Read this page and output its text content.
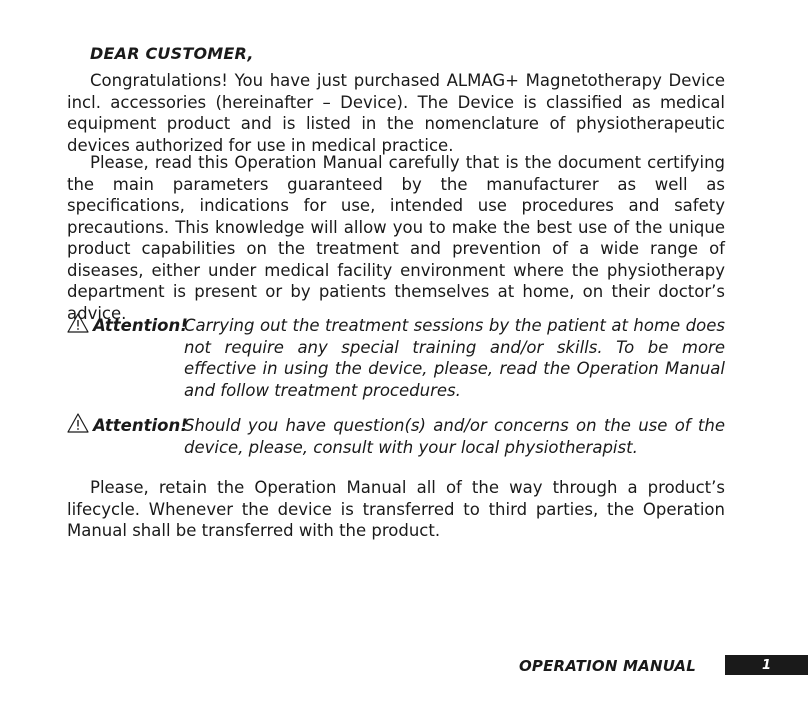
DEAR CUSTOMER,

Congratulations! You have just purchased ALMAG+ Magnetotherapy Device incl. accessories (hereinafter – Device). The Device is classified as medical equipment product and is listed in the nomenclature of physiotherapeutic devices authorized for use in medical practice.

Please, read this Operation Manual carefully that is the document certifying the main parameters guaranteed by the manufacturer as well as specifications, indications for use, intended use procedures and safety precautions. This knowledge will allow you to make the best use of the unique product capabilities on the treatment and prevention of a wide range of diseases, either under medical facility environment where the physiotherapy department is present or by patients themselves at home, on their doctor’s advice.

Attention!

Carrying out the treatment sessions by the patient at home does not require any special training and/or skills. To be more effective in using the device, please, read the Operation Manual and follow treatment procedures.

Attention!

Should you have question(s) and/or concerns on the use of the device, please, consult with your local physiotherapist.

Please, retain the Operation Manual all of the way through a product’s lifecycle. Whenever the device is transferred to third parties, the Operation Manual shall be transferred with the product.

OPERATION MANUAL	1
